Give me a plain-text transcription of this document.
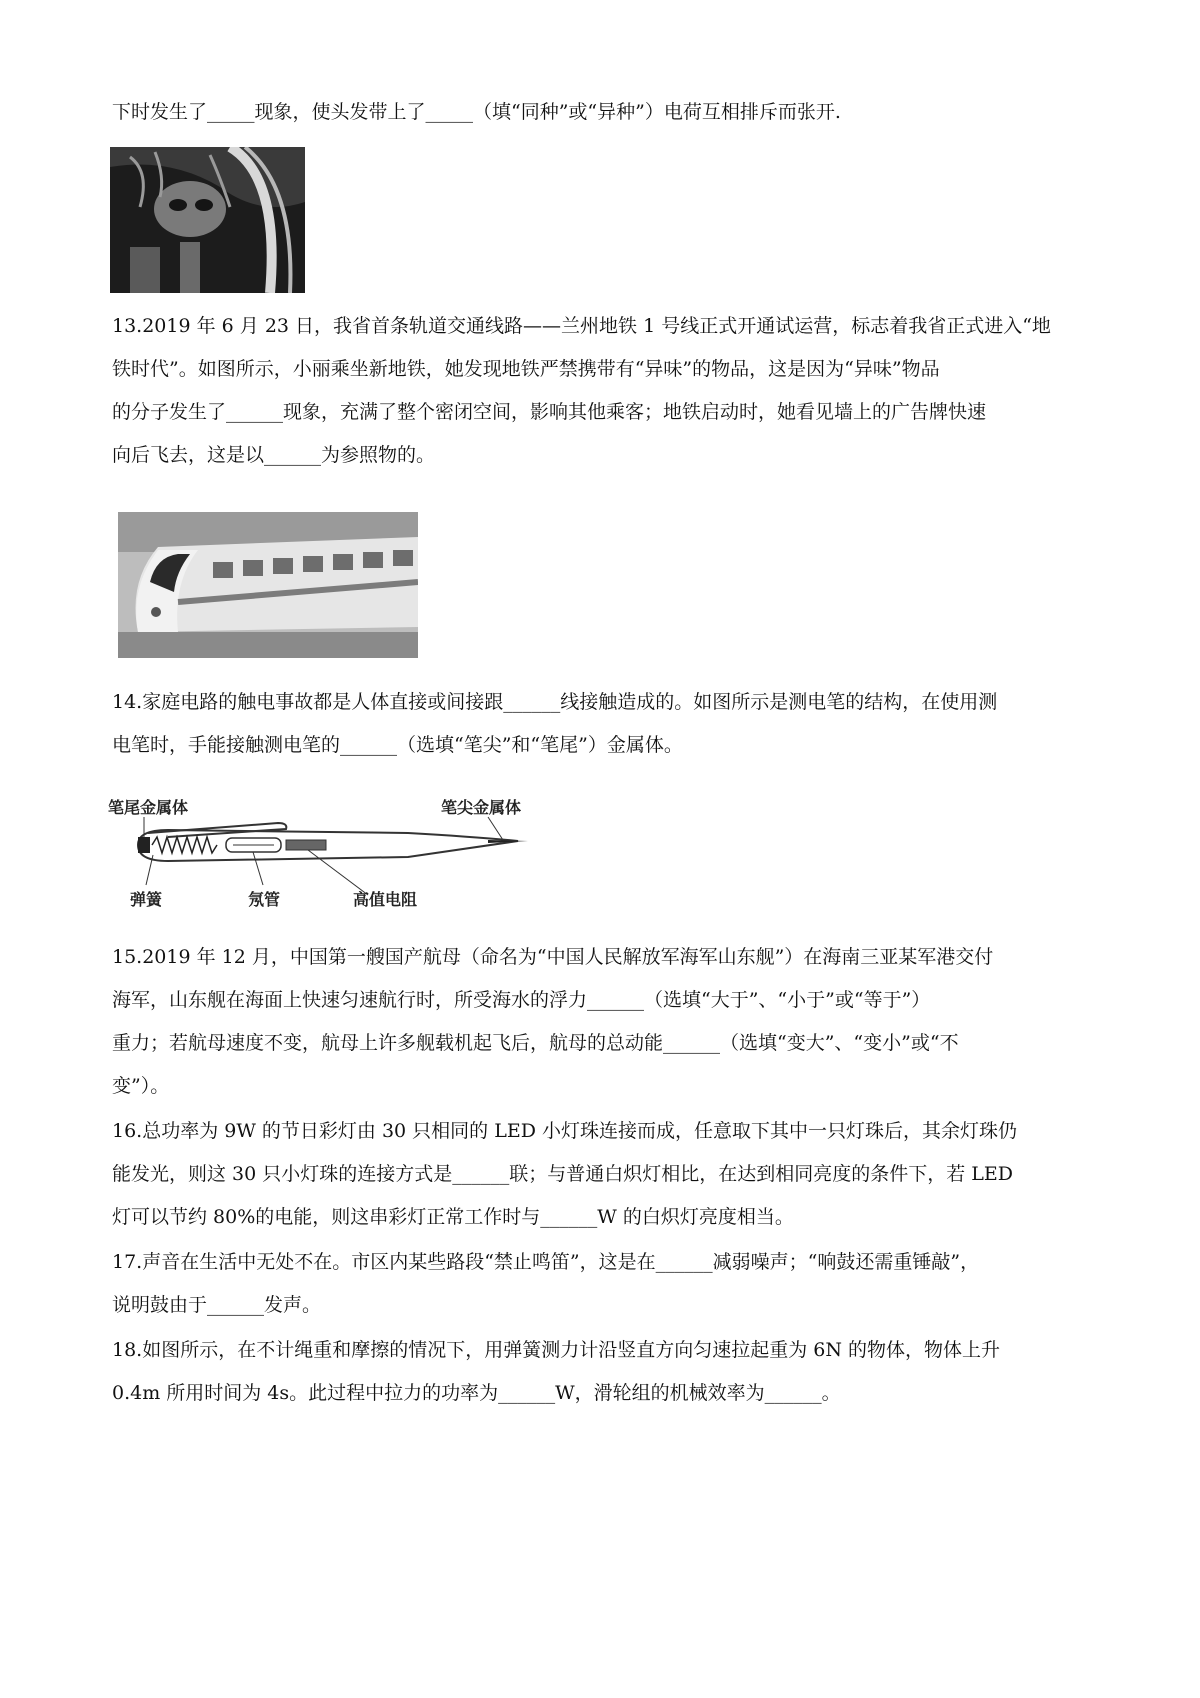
下时发生了_____现象，使头发带上了_____（填“同种”或“异种”）电荷互相排斥而张开.
13.2019 年 6 月 23 日，我省首条轨道交通线路——兰州地铁 1 号线正式开通试运营，标志着我省正式进入“地
铁时代”。如图所示，小丽乘坐新地铁，她发现地铁严禁携带有“异味”的物品，这是因为“异味”物品
的分子发生了______现象，充满了整个密闭空间，影响其他乘客；地铁启动时，她看见墙上的广告牌快速
向后飞去，这是以______为参照物的。
14.家庭电路的触电事故都是人体直接或间接跟______线接触造成的。如图所示是测电笔的结构，在使用测
电笔时，手能接触测电笔的______（选填“笔尖”和“笔尾”）金属体。
笔尾金属体	笔尖金属体
弹簧	氖管	高值电阻
15.2019 年 12 月，中国第一艘国产航母（命名为“中国人民解放军海军山东舰”）在海南三亚某军港交付
海军，山东舰在海面上快速匀速航行时，所受海水的浮力______（选填“大于”、“小于”或“等于”）
重力；若航母速度不变，航母上许多舰载机起飞后，航母的总动能______（选填“变大”、“变小”或“不
变”）。
16.总功率为 9W 的节日彩灯由 30 只相同的 LED 小灯珠连接而成，任意取下其中一只灯珠后，其余灯珠仍
能发光，则这 30 只小灯珠的连接方式是______联；与普通白炽灯相比，在达到相同亮度的条件下，若 LED
灯可以节约 80%的电能，则这串彩灯正常工作时与______W 的白炽灯亮度相当。
17.声音在生活中无处不在。市区内某些路段“禁止鸣笛”，这是在______减弱噪声；“响鼓还需重锤敲”，
说明鼓由于______发声。
18.如图所示，在不计绳重和摩擦的情况下，用弹簧测力计沿竖直方向匀速拉起重为 6N 的物体，物体上升
0.4m 所用时间为 4s。此过程中拉力的功率为______W，滑轮组的机械效率为______。
